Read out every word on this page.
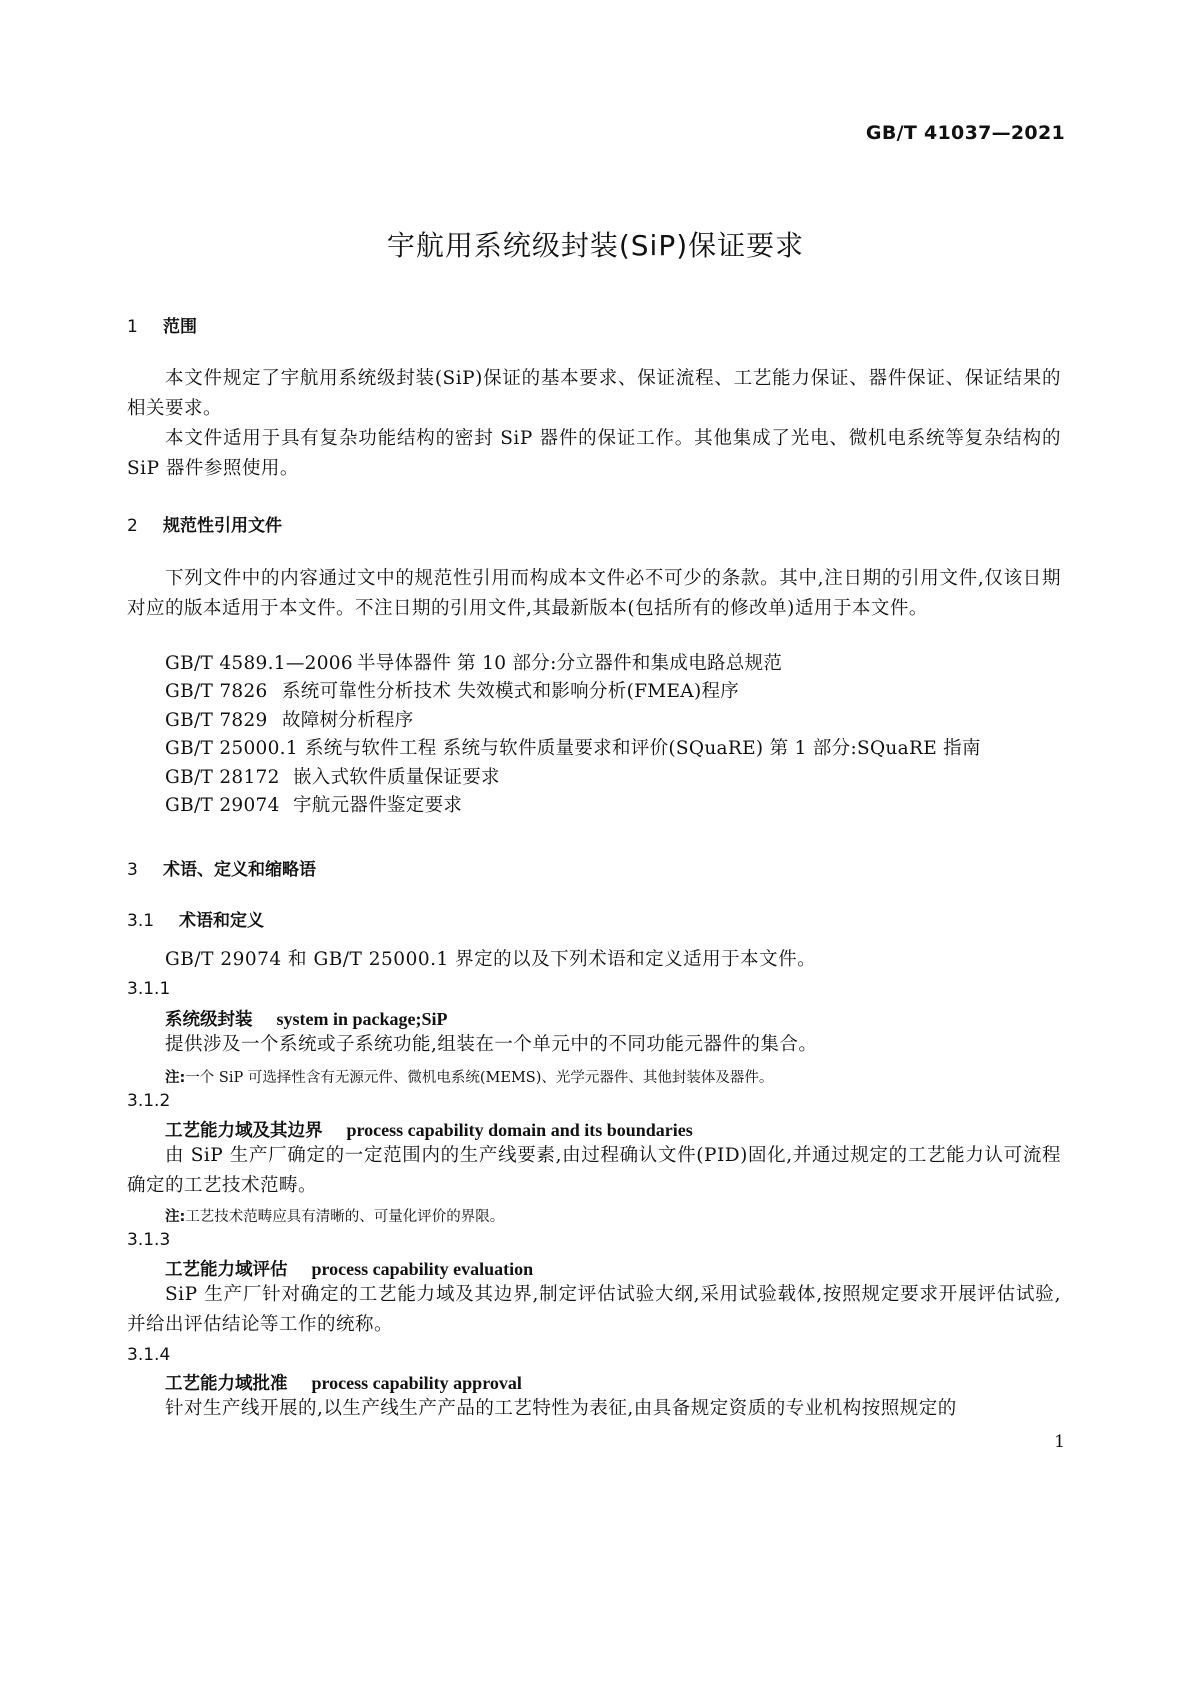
GB/T 41037—2021
宇航用系统级封装(SiP)保证要求
1 范围
本文件规定了宇航用系统级封装(SiP)保证的基本要求、保证流程、工艺能力保证、器件保证、保证结果的相关要求。
本文件适用于具有复杂功能结构的密封 SiP 器件的保证工作。其他集成了光电、微机电系统等复杂结构的 SiP 器件参照使用。
2 规范性引用文件
下列文件中的内容通过文中的规范性引用而构成本文件必不可少的条款。其中,注日期的引用文件,仅该日期对应的版本适用于本文件。不注日期的引用文件,其最新版本(包括所有的修改单)适用于本文件。
GB/T 4589.1—2006 半导体器件 第 10 部分:分立器件和集成电路总规范
GB/T 7826 系统可靠性分析技术 失效模式和影响分析(FMEA)程序
GB/T 7829 故障树分析程序
GB/T 25000.1 系统与软件工程 系统与软件质量要求和评价(SQuaRE) 第 1 部分:SQuaRE 指南
GB/T 28172 嵌入式软件质量保证要求
GB/T 29074 宇航元器件鉴定要求
3 术语、定义和缩略语
3.1 术语和定义
GB/T 29074 和 GB/T 25000.1 界定的以及下列术语和定义适用于本文件。
3.1.1
系统级封装 system in package;SiP
提供涉及一个系统或子系统功能,组装在一个单元中的不同功能元器件的集合。
注:一个 SiP 可选择性含有无源元件、微机电系统(MEMS)、光学元器件、其他封装体及器件。
3.1.2
工艺能力域及其边界 process capability domain and its boundaries
由 SiP 生产厂确定的一定范围内的生产线要素,由过程确认文件(PID)固化,并通过规定的工艺能力认可流程确定的工艺技术范畴。
注:工艺技术范畴应具有清晰的、可量化评价的界限。
3.1.3
工艺能力域评估 process capability evaluation
SiP 生产厂针对确定的工艺能力域及其边界,制定评估试验大纲,采用试验载体,按照规定要求开展评估试验,并给出评估结论等工作的统称。
3.1.4
工艺能力域批准 process capability approval
针对生产线开展的,以生产线生产产品的工艺特性为表征,由具备规定资质的专业机构按照规定的
1
